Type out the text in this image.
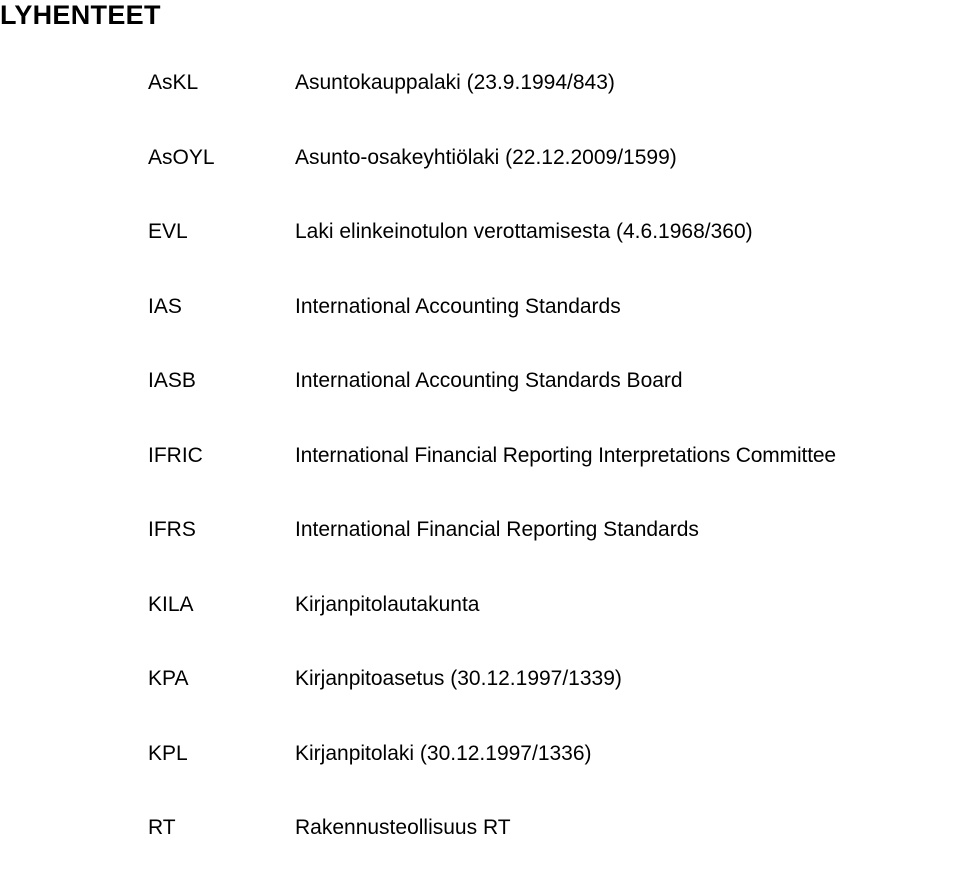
LYHENTEET
AsKL	Asuntokauppalaki (23.9.1994/843)
AsOYL	Asunto-osakeyhtiölaki (22.12.2009/1599)
EVL	Laki elinkeinotulon verottamisesta (4.6.1968/360)
IAS	International Accounting Standards
IASB	International Accounting Standards Board
IFRIC	International Financial Reporting Interpretations Committee
IFRS	International Financial Reporting Standards
KILA	Kirjanpitolautakunta
KPA	Kirjanpitoasetus (30.12.1997/1339)
KPL	Kirjanpitolaki (30.12.1997/1336)
RT	Rakennusteollisuus RT
